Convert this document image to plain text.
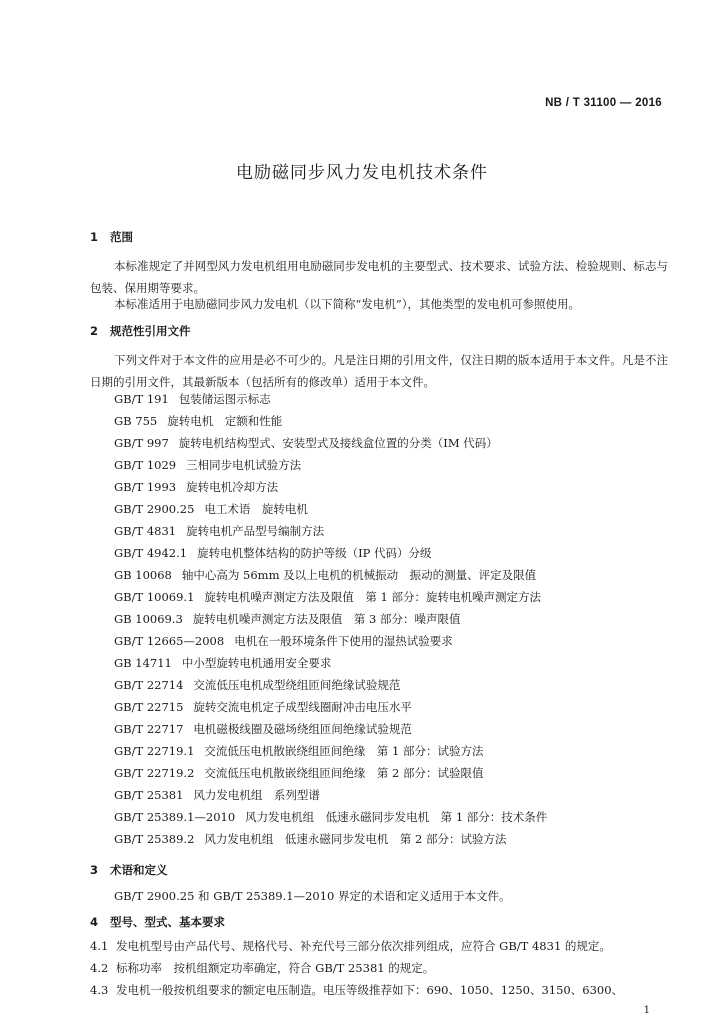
NB / T 31100 — 2016
电励磁同步风力发电机技术条件
1 范围
本标准规定了并网型风力发电机组用电励磁同步发电机的主要型式、技术要求、试验方法、检验规则、标志与包装、保用期等要求。
本标准适用于电励磁同步风力发电机（以下简称“发电机”），其他类型的发电机可参照使用。
2 规范性引用文件
下列文件对于本文件的应用是必不可少的。凡是注日期的引用文件，仅注日期的版本适用于本文件。凡是不注日期的引用文件，其最新版本（包括所有的修改单）适用于本文件。
GB/T 191 包装储运图示标志
GB 755 旋转电机　定额和性能
GB/T 997 旋转电机结构型式、安装型式及接线盒位置的分类（IM 代码）
GB/T 1029 三相同步电机试验方法
GB/T 1993 旋转电机冷却方法
GB/T 2900.25 电工术语　旋转电机
GB/T 4831 旋转电机产品型号编制方法
GB/T 4942.1 旋转电机整体结构的防护等级（IP 代码）分级
GB 10068 轴中心高为 56mm 及以上电机的机械振动　振动的测量、评定及限值
GB/T 10069.1 旋转电机噪声测定方法及限值　第 1 部分：旋转电机噪声测定方法
GB 10069.3 旋转电机噪声测定方法及限值　第 3 部分：噪声限值
GB/T 12665—2008 电机在一般环境条件下使用的湿热试验要求
GB 14711 中小型旋转电机通用安全要求
GB/T 22714 交流低压电机成型绕组匝间绝缘试验规范
GB/T 22715 旋转交流电机定子成型线圈耐冲击电压水平
GB/T 22717 电机磁极线圈及磁场绕组匝间绝缘试验规范
GB/T 22719.1 交流低压电机散嵌绕组匝间绝缘　第 1 部分：试验方法
GB/T 22719.2 交流低压电机散嵌绕组匝间绝缘　第 2 部分：试验限值
GB/T 25381 风力发电机组　系列型谱
GB/T 25389.1—2010 风力发电机组　低速永磁同步发电机　第 1 部分：技术条件
GB/T 25389.2 风力发电机组　低速永磁同步发电机　第 2 部分：试验方法
3 术语和定义
GB/T 2900.25 和 GB/T 25389.1—2010 界定的术语和定义适用于本文件。
4 型号、型式、基本要求
4.1 发电机型号由产品代号、规格代号、补充代号三部分依次排列组成，应符合 GB/T 4831 的规定。
4.2 标称功率　按机组额定功率确定，符合 GB/T 25381 的规定。
4.3 发电机一般按机组要求的额定电压制造。电压等级推荐如下：690、1050、1250、3150、6300、
1
